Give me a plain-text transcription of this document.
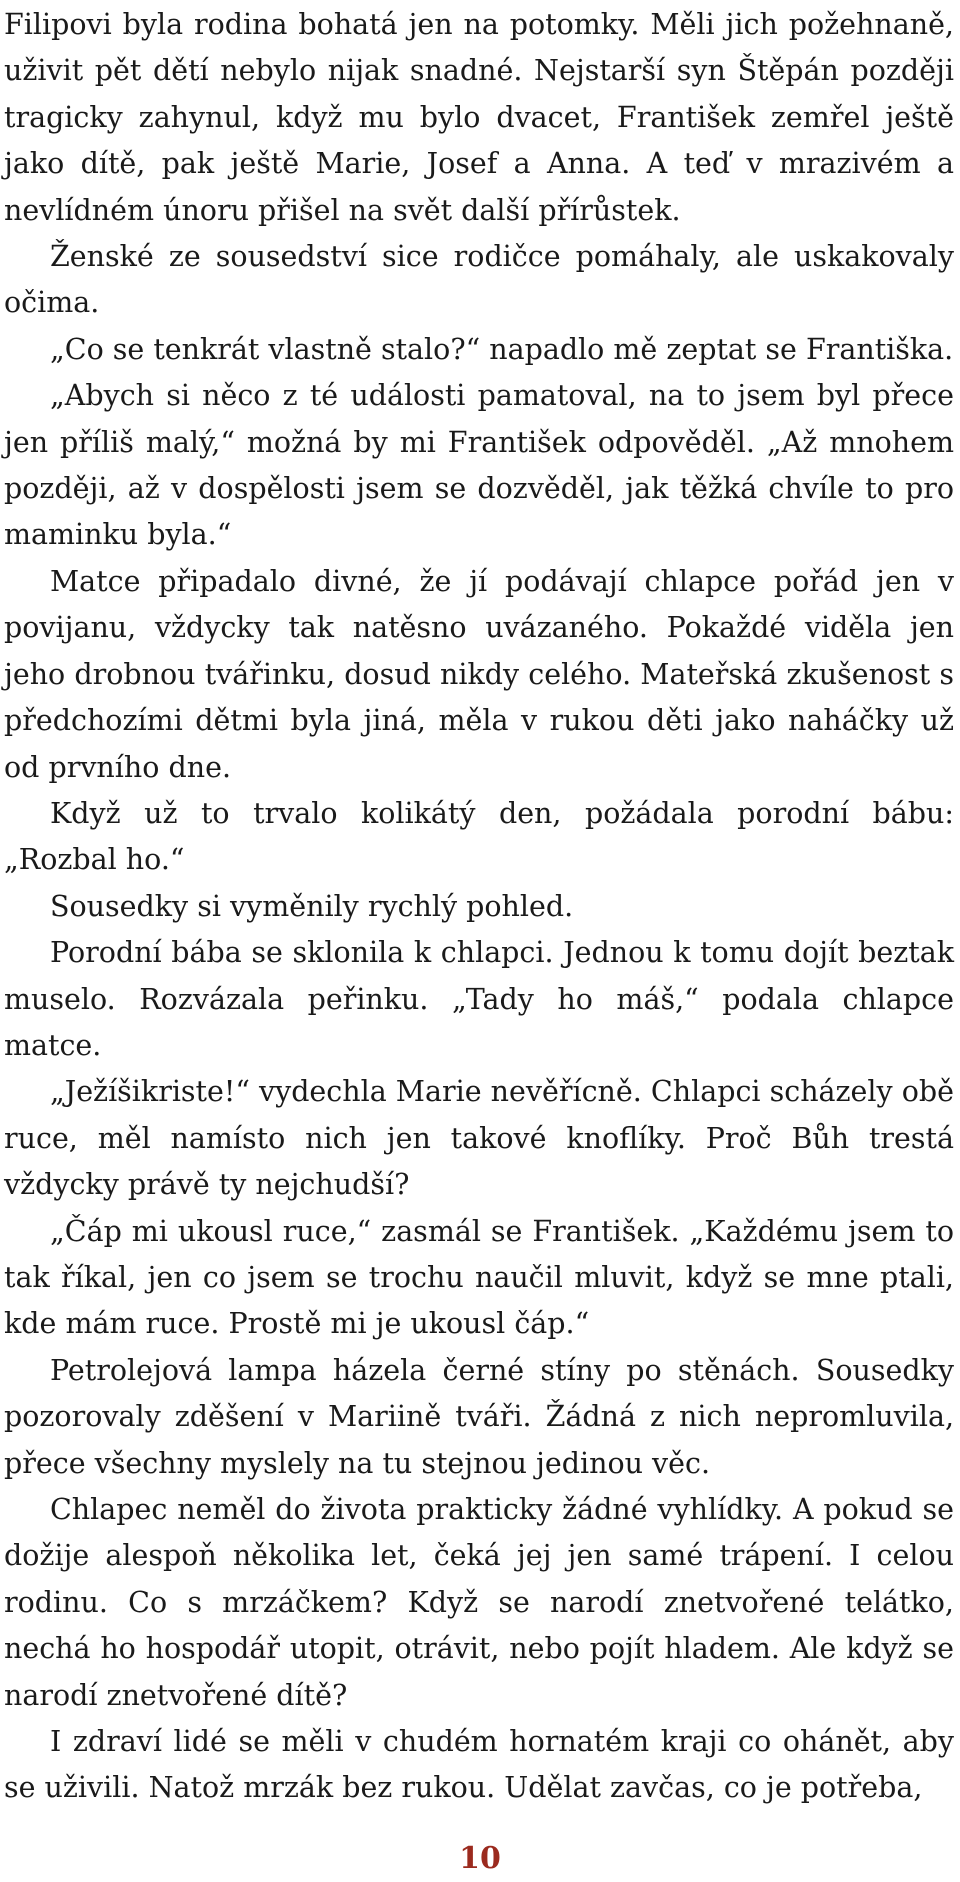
Filipovi byla rodina bohatá jen na potomky. Měli jich požehnaně, uživit pět dětí nebylo nijak snadné. Nejstarší syn Štěpán později tragicky zahynul, když mu bylo dvacet, František zemřel ještě jako dítě, pak ještě Marie, Josef a Anna. A teď v mrazivém a nevlídném únoru přišel na svět další přírůstek.

Ženské ze sousedství sice rodičce pomáhaly, ale uskakovaly očima.

„Co se tenkrát vlastně stalo?“ napadlo mě zeptat se Františka.

„Abych si něco z té události pamatoval, na to jsem byl přece jen příliš malý,“ možná by mi František odpověděl. „Až mnohem později, až v dospělosti jsem se dozvěděl, jak těžká chvíle to pro maminku byla.“

Matce připadalo divné, že jí podávají chlapce pořád jen v povijanu, vždycky tak natěsno uvázaného. Pokaždé viděla jen jeho drobnou tvářinku, dosud nikdy celého. Mateřská zkušenost s předchozími dětmi byla jiná, měla v rukou děti jako naháčky už od prvního dne.

Když už to trvalo kolikátý den, požádala porodní bábu: „Rozbal ho.“

Sousedky si vyměnily rychlý pohled.

Porodní bába se sklonila k chlapci. Jednou k tomu dojít beztak muselo. Rozvázala peřinku. „Tady ho máš,“ podala chlapce matce.

„Ježíšikriste!“ vydechla Marie nevěřícně. Chlapci scházely obě ruce, měl namísto nich jen takové knoflíky. Proč Bůh trestá vždycky právě ty nejchudší?

„Čáp mi ukousl ruce,“ zasmál se František. „Každému jsem to tak říkal, jen co jsem se trochu naučil mluvit, když se mne ptali, kde mám ruce. Prostě mi je ukousl čáp.“

Petrolejová lampa házela černé stíny po stěnách. Sousedky pozorovaly zděšení v Mariině tváři. Žádná z nich nepromluvila, přece všechny myslely na tu stejnou jedinou věc.

Chlapec neměl do života prakticky žádné vyhlídky. A pokud se dožije alespoň několika let, čeká jej jen samé trápení. I celou rodinu. Co s mrzáčkem? Když se narodí znetvořené telátko, nechá ho hospodář utopit, otrávit, nebo pojít hladem. Ale když se narodí znetvořené dítě?

I zdraví lidé se měli v chudém hornatém kraji co ohánět, aby se uživili. Natož mrzák bez rukou. Udělat zavčas, co je potřeba,

10
